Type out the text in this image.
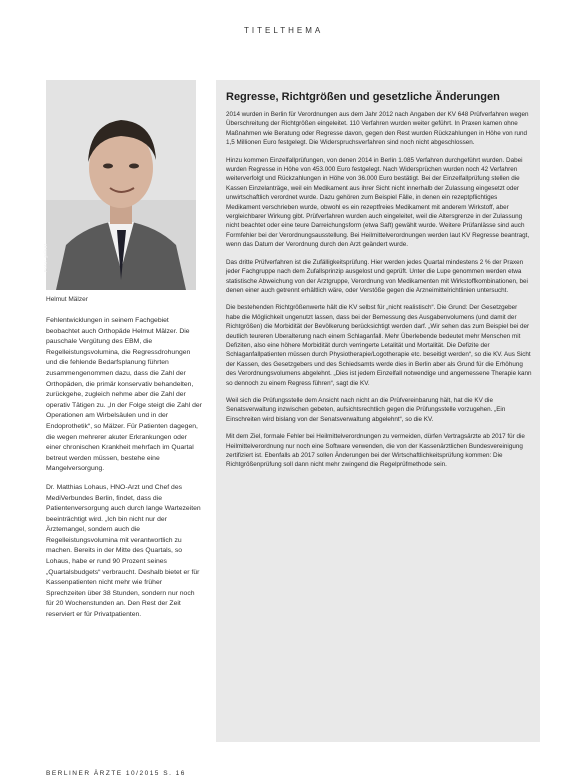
TITELTHEMA
Foto: privat
Helmut Mälzer

Fehlentwicklungen in seinem Fachgebiet beobachtet auch Orthopäde Helmut Mälzer. Die pauschale Vergütung des EBM, die Regelleistungsvolumina, die Regressdrohungen und die fehlende Bedarfsplanung führten zusammengenommen dazu, dass die Zahl der Orthopäden, die primär konservativ behandelten, zurückgehe, zugleich nehme aber die Zahl der operativ Tätigen zu. „In der Folge steigt die Zahl der Operationen am Wirbelsäulen und in der Endoprothetik“, so Mälzer. Für Patienten dagegen, die wegen mehrerer akuter Erkrankungen oder einer chronischen Krankheit mehrfach im Quartal betreut werden müssen, bestehe eine Mangelversorgung.

Dr. Matthias Lohaus, HNO-Arzt und Chef des MediVerbundes Berlin, findet, dass die Patientenversorgung auch durch lange Wartezeiten beeinträchtigt wird. „Ich bin nicht nur der Ärztemangel, sondern auch die Regelleistungsvolumina mit verantwortlich zu machen. Bereits in der Mitte des Quartals, so Lohaus, habe er rund 90 Prozent seines „Quartalsbudgets“ verbraucht. Deshalb bietet er für Kassenpatienten nicht mehr wie früher Sprechzeiten über 38 Stunden, sondern nur noch für 20 Wochenstunden an. Den Rest der Zeit reserviert er für Privatpatienten.

Regresse, Richtgrößen und gesetzliche Änderungen

2014 wurden in Berlin für Verordnungen aus dem Jahr 2012 nach Angaben der KV 648 Prüfverfahren wegen Überschreitung der Richtgrößen eingeleitet. 110 Verfahren wurden weiter geführt. In Praxen kamen ohne Maßnahmen wie Beratung oder Regresse davon, gegen den Rest wurden Rückzahlungen in Höhe von rund 1,5 Millionen Euro festgelegt. Die Widerspruchsverfahren sind noch nicht abgeschlossen.

Hinzu kommen Einzelfallprüfungen, von denen 2014 in Berlin 1.085 Verfahren durchgeführt wurden. Dabei wurden Regresse in Höhe von 453.000 Euro festgelegt. Nach Widersprüchen wurden noch 42 Verfahren weiterverfolgt und Rückzahlungen in Höhe von 36.000 Euro bestätigt. Bei der Einzelfallprüfung stellen die Kassen Einzelanträge, weil ein Medikament aus ihrer Sicht nicht innerhalb der Zulassung eingesetzt oder unwirtschaftlich verordnet wurde. Dazu gehören zum Beispiel Fälle, in denen ein rezeptpflichtiges Medikament verschrieben wurde, obwohl es ein rezeptfreies Medikament mit anderem Wirkstoff, aber vergleichbarer Wirkung gibt. Prüfverfahren wurden auch eingeleitet, weil die Altersgrenze in der Zulassung nicht beachtet oder eine teure Darreichungsform (etwa Saft) gewählt wurde. Weitere Prüfanlässe sind auch Formfehler bei der Verordnungsausstellung. Bei Heilmittelverordnungen werden laut KV Regresse beantragt, wenn das Datum der Verordnung durch den Arzt geändert wurde.

Das dritte Prüfverfahren ist die Zufälligkeitsprüfung. Hier werden jedes Quartal mindestens 2 % der Praxen jeder Fachgruppe nach dem Zufallsprinzip ausgelost und geprüft. Unter die Lupe genommen werden etwa statistische Abweichung von der Arztgruppe, Verordnung von Medikamenten mit Wirkstoffkombinationen, bei denen einer auch getrennt erhältlich wäre, oder Verstöße gegen die Arzneimittelrichtlinien untersucht.

Die bestehenden Richtgrößenwerte hält die KV selbst für „nicht realistisch“. Die Grund: Der Gesetzgeber habe die Möglichkeit ungenutzt lassen, dass bei der Bemessung des Ausgabenvolumens (und damit der Richtgrößen) die Morbidität der Bevölkerung berücksichtigt werden darf. „Wir sehen das zum Beispiel bei der deutlich teureren Uberalterung nach einem Schlaganfall. Mehr Überlebende bedeutet mehr Menschen mit Defiziten, also eine höhere Morbidität durch verringerte Letalität und Mortalität. Die Defizite der Schlaganfallpatienten müssen durch Physiotherapie/Logotherapie etc. beseitigt werden“, so die KV. Aus Sicht der Kassen, des Gesetzgebers und des Schiedsamts werde dies in Berlin aber als Grund für die Erhöhung des Verordnungsvolumens abgelehnt. „Dies ist jedem Einzelfall notwendige und angemessene Therapie kann so dennoch zu einem Regress führen“, sagt die KV.

Weil sich die Prüfungsstelle dem Ansicht nach nicht an die Prüfvereinbarung hält, hat die KV die Senatsverwaltung inzwischen gebeten, aufsichtsrechtlich gegen die Prüfungsstelle vorzugehen. „Ein Einschreiten wird bislang von der Senatsverwaltung abgelehnt“, so die KV.

Mit dem Ziel, formale Fehler bei Heilmittelverordnungen zu vermeiden, dürfen Vertragsärzte ab 2017 für die Heilmittelverordnung nur noch eine Software verwenden, die von der Kassenärztlichen Bundesvereinigung zertifiziert ist. Ebenfalls ab 2017 sollen Änderungen bei der Wirtschaftlichkeitsprüfung kommen: Die Richtgrößenprüfung soll dann nicht mehr zwingend die Regelprüfmethode sein.

BERLINER ÄRZTE 10/2015 S. 16
